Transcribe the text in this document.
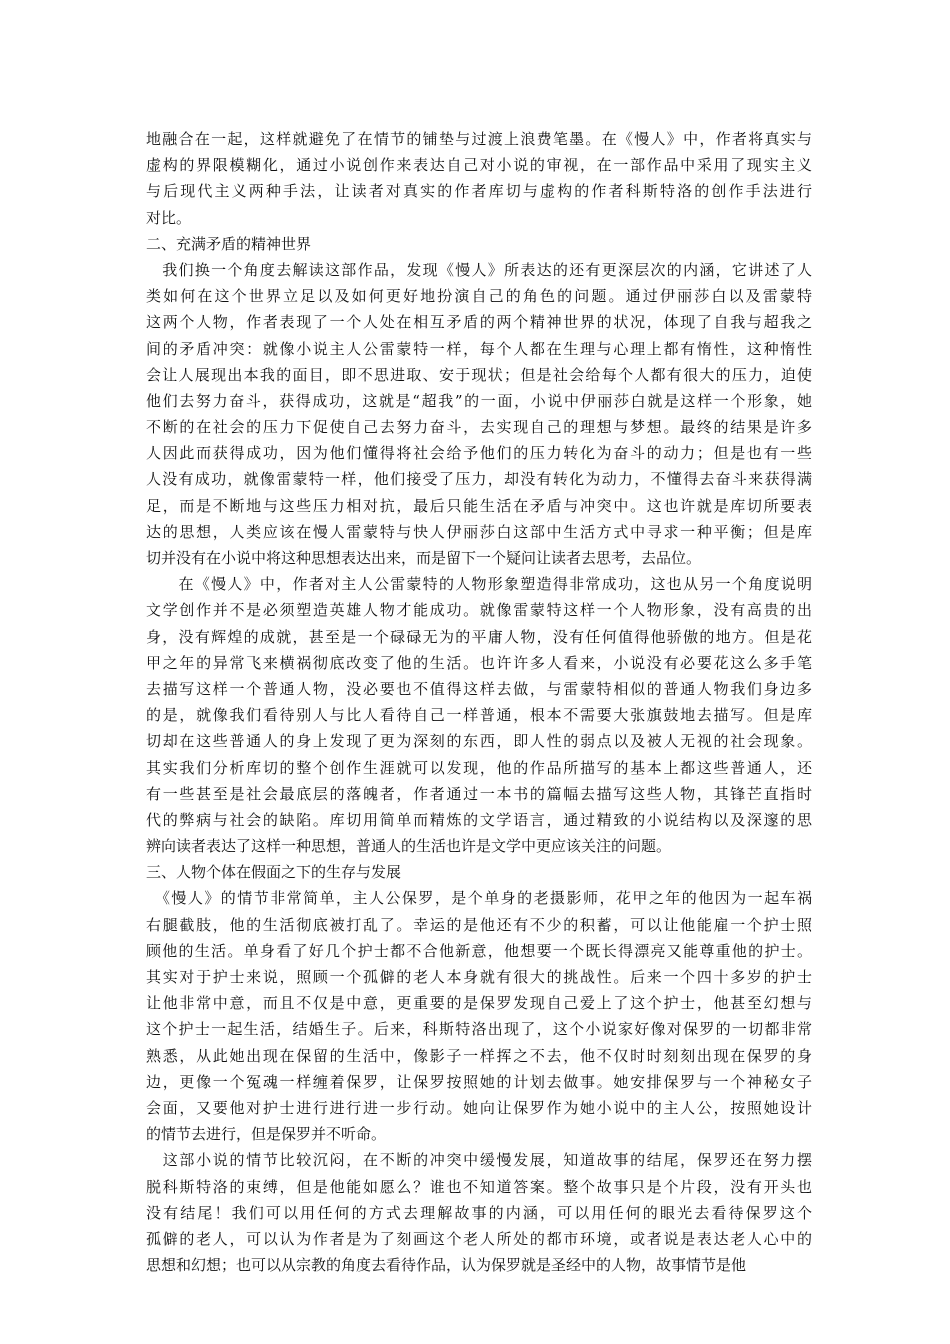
地融合在一起，这样就避免了在情节的铺垫与过渡上浪费笔墨。在《慢人》中，作者将真实与
虚构的界限模糊化，通过小说创作来表达自己对小说的审视，在一部作品中采用了现实主义
与后现代主义两种手法，让读者对真实的作者库切与虚构的作者科斯特洛的创作手法进行
对比。
二、充满矛盾的精神世界
　我们换一个角度去解读这部作品，发现《慢人》所表达的还有更深层次的内涵，它讲述了人
类如何在这个世界立足以及如何更好地扮演自己的角色的问题。通过伊丽莎白以及雷蒙特
这两个人物，作者表现了一个人处在相互矛盾的两个精神世界的状况，体现了自我与超我之
间的矛盾冲突：就像小说主人公雷蒙特一样，每个人都在生理与心理上都有惰性，这种惰性
会让人展现出本我的面目，即不思进取、安于现状；但是社会给每个人都有很大的压力，迫使
他们去努力奋斗，获得成功，这就是“超我”的一面，小说中伊丽莎白就是这样一个形象，她
不断的在社会的压力下促使自己去努力奋斗，去实现自己的理想与梦想。最终的结果是许多
人因此而获得成功，因为他们懂得将社会给予他们的压力转化为奋斗的动力；但是也有一些
人没有成功，就像雷蒙特一样，他们接受了压力，却没有转化为动力，不懂得去奋斗来获得满
足，而是不断地与这些压力相对抗，最后只能生活在矛盾与冲突中。这也许就是库切所要表
达的思想，人类应该在慢人雷蒙特与快人伊丽莎白这部中生活方式中寻求一种平衡；但是库
切并没有在小说中将这种思想表达出来，而是留下一个疑问让读者去思考，去品位。
　　在《慢人》中，作者对主人公雷蒙特的人物形象塑造得非常成功，这也从另一个角度说明
文学创作并不是必须塑造英雄人物才能成功。就像雷蒙特这样一个人物形象，没有高贵的出
身，没有辉煌的成就，甚至是一个碌碌无为的平庸人物，没有任何值得他骄傲的地方。但是花
甲之年的异常飞来横祸彻底改变了他的生活。也许许多人看来，小说没有必要花这么多手笔
去描写这样一个普通人物，没必要也不值得这样去做，与雷蒙特相似的普通人物我们身边多
的是，就像我们看待别人与比人看待自己一样普通，根本不需要大张旗鼓地去描写。但是库
切却在这些普通人的身上发现了更为深刻的东西，即人性的弱点以及被人无视的社会现象。
其实我们分析库切的整个创作生涯就可以发现，他的作品所描写的基本上都这些普通人，还
有一些甚至是社会最底层的落魄者，作者通过一本书的篇幅去描写这些人物，其锋芒直指时
代的弊病与社会的缺陷。库切用简单而精炼的文学语言，通过精致的小说结构以及深邃的思
辨向读者表达了这样一种思想，普通人的生活也许是文学中更应该关注的问题。
三、人物个体在假面之下的生存与发展
　《慢人》的情节非常简单，主人公保罗，是个单身的老摄影师，花甲之年的他因为一起车祸
右腿截肢，他的生活彻底被打乱了。幸运的是他还有不少的积蓄，可以让他能雇一个护士照
顾他的生活。单身看了好几个护士都不合他新意，他想要一个既长得漂亮又能尊重他的护士。
其实对于护士来说，照顾一个孤僻的老人本身就有很大的挑战性。后来一个四十多岁的护士
让他非常中意，而且不仅是中意，更重要的是保罗发现自己爱上了这个护士，他甚至幻想与
这个护士一起生活，结婚生子。后来，科斯特洛出现了，这个小说家好像对保罗的一切都非常
熟悉，从此她出现在保留的生活中，像影子一样挥之不去，他不仅时时刻刻出现在保罗的身
边，更像一个冤魂一样缠着保罗，让保罗按照她的计划去做事。她安排保罗与一个神秘女子
会面，又要他对护士进行进行进一步行动。她向让保罗作为她小说中的主人公，按照她设计
的情节去进行，但是保罗并不听命。
　这部小说的情节比较沉闷，在不断的冲突中缓慢发展，知道故事的结尾，保罗还在努力摆
脱科斯特洛的束缚，但是他能如愿么？谁也不知道答案。整个故事只是个片段，没有开头也
没有结尾！我们可以用任何的方式去理解故事的内涵，可以用任何的眼光去看待保罗这个
孤僻的老人，可以认为作者是为了刻画这个老人所处的都市环境，或者说是表达老人心中的
思想和幻想；也可以从宗教的角度去看待作品，认为保罗就是圣经中的人物，故事情节是他
